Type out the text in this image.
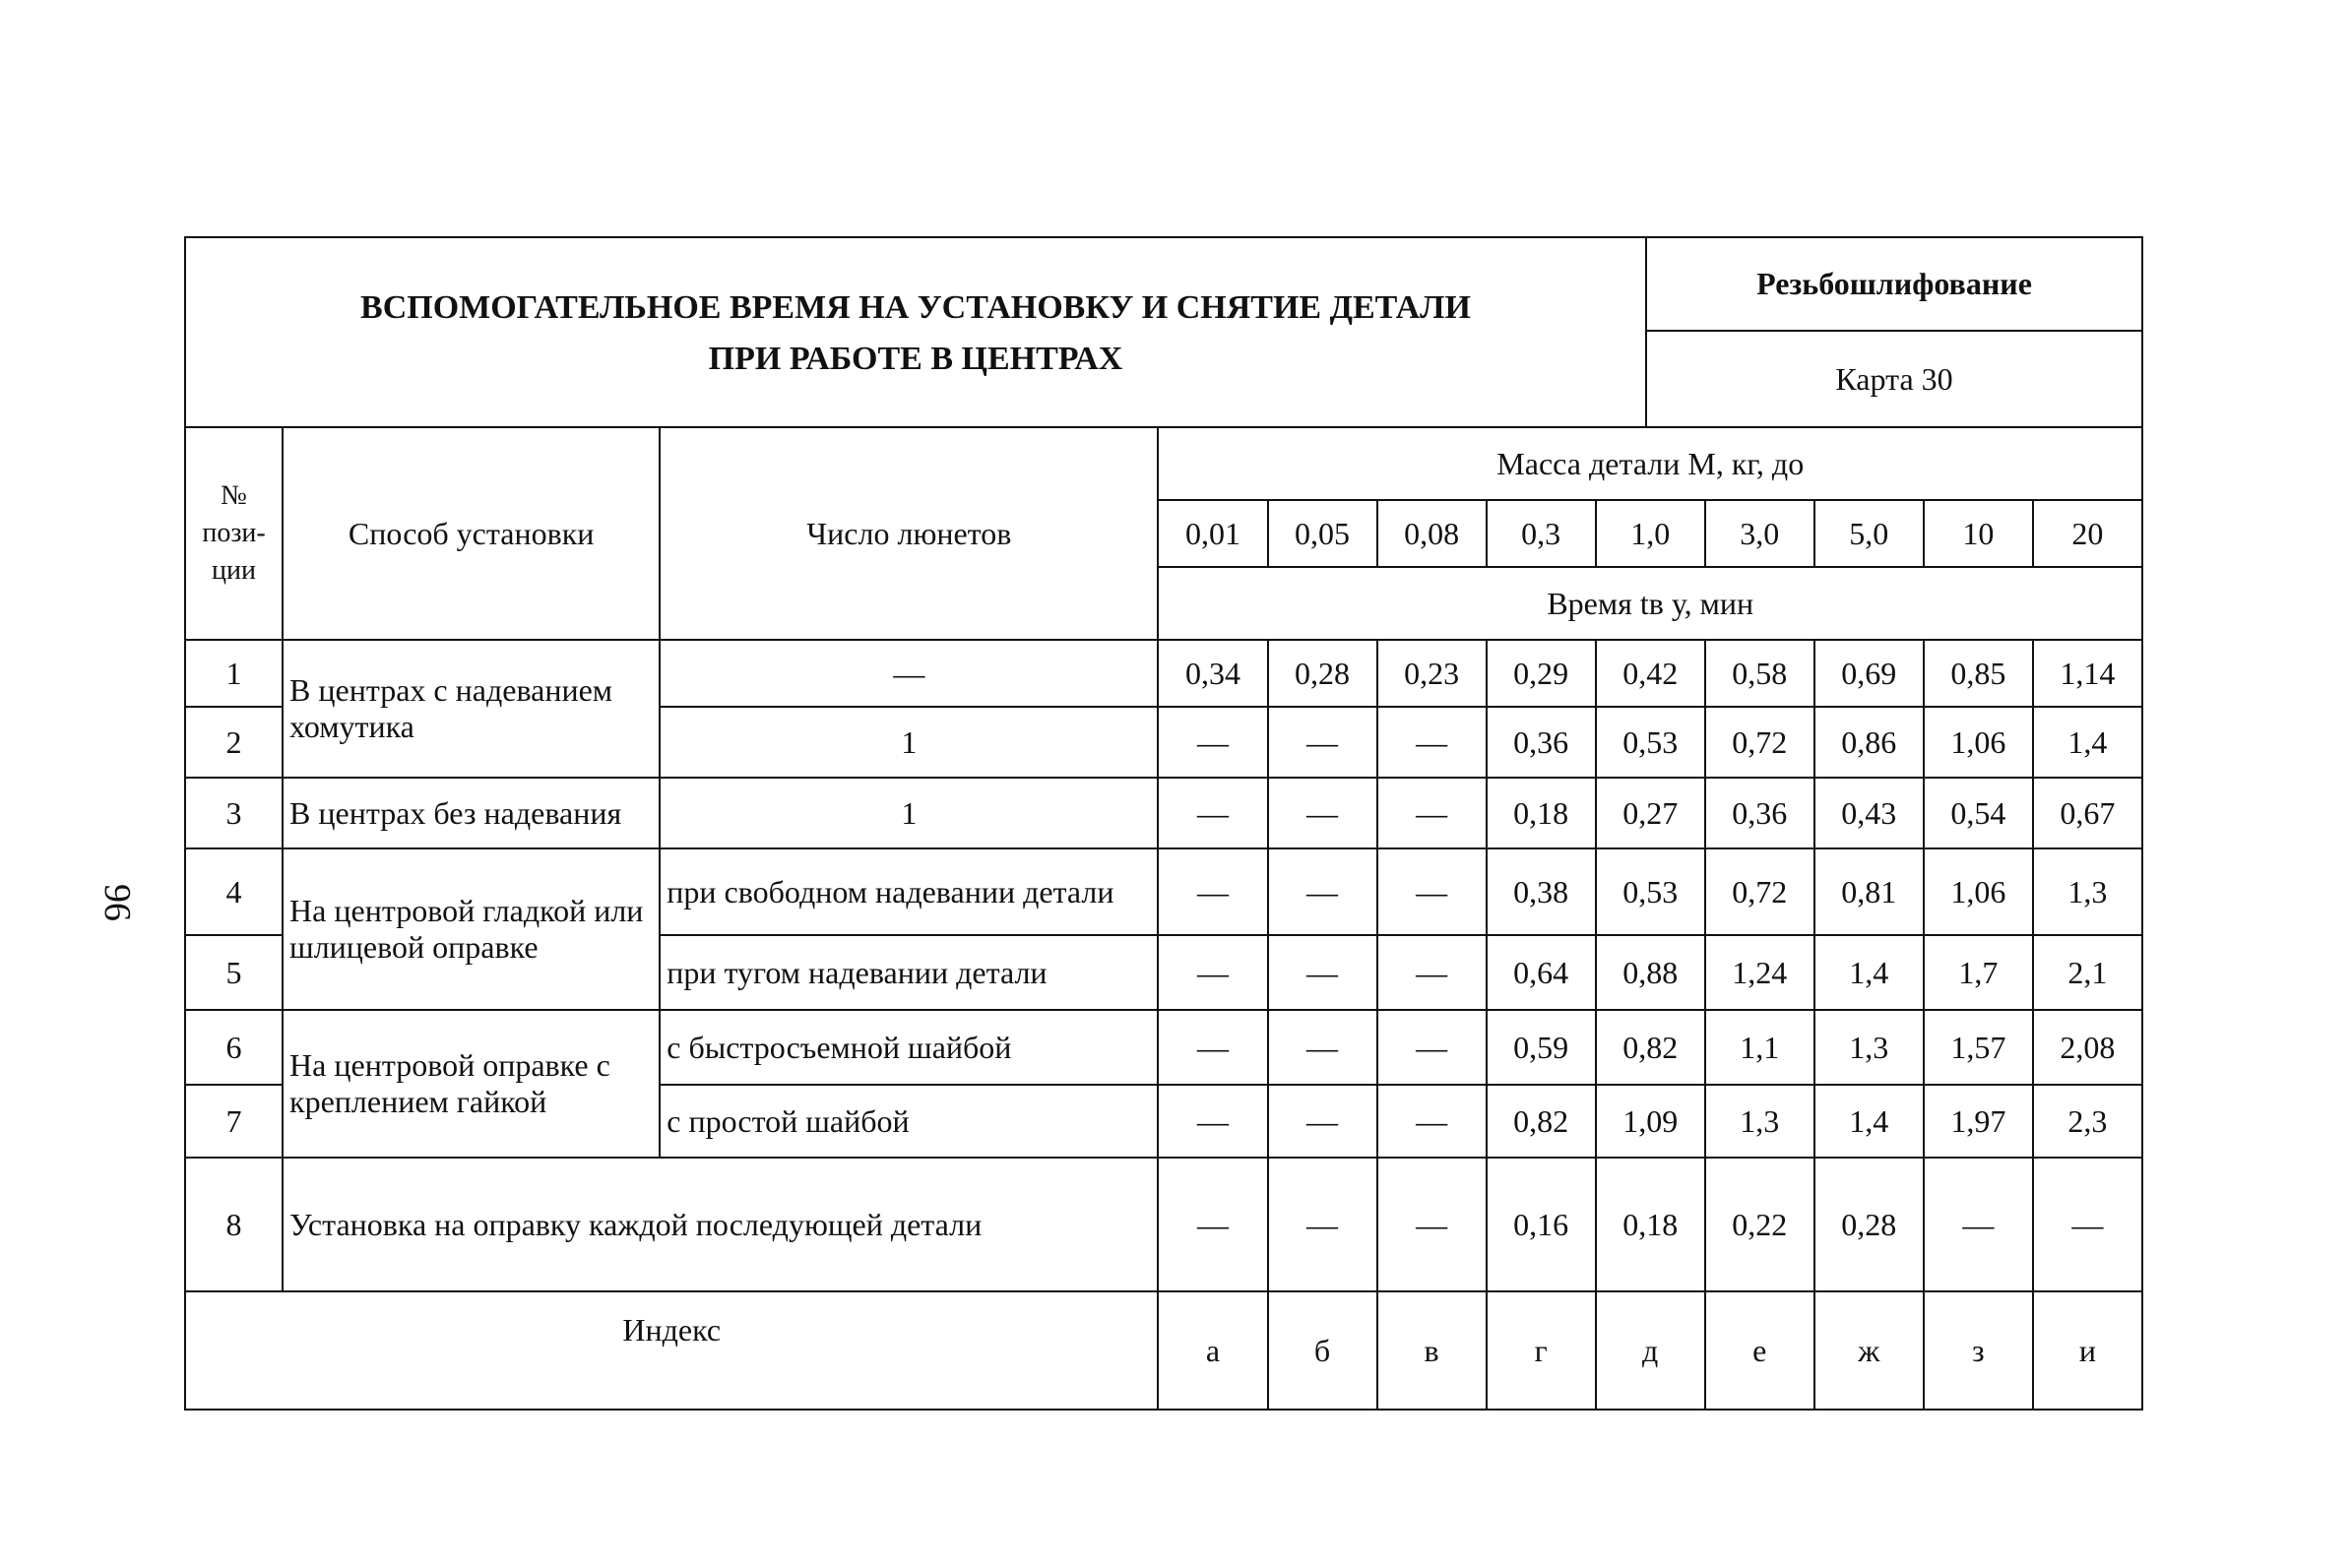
96
ВСПОМОГАТЕЛЬНОЕ ВРЕМЯ НА УСТАНОВКУ И СНЯТИЕ ДЕТАЛИ
ПРИ РАБОТЕ В ЦЕНТРАХ
	Резьбошлифование
Карта 30
№ пози-ции	Способ установки	Число люнетов	Масса детали М, кг, до								
			0,01	0,05	0,08	0,3	1,0	3,0	5,0	10	20
			Время tв у, мин								
1	В центрах с надеванием хомутика	—	0,34	0,28	0,23	0,29	0,42	0,58	0,69	0,85	1,14
2		1	—	—	—	0,36	0,53	0,72	0,86	1,06	1,4
3	В центрах без надевания	1	—	—	—	0,18	0,27	0,36	0,43	0,54	0,67
4	На центровой гладкой или шлицевой оправке	при свободном надевании детали	—	—	—	0,38	0,53	0,72	0,81	1,06	1,3
5		при тугом надевании детали	—	—	—	0,64	0,88	1,24	1,4	1,7	2,1
6	На центровой оправке с креплением гайкой	с быстросъемной шайбой	—	—	—	0,59	0,82	1,1	1,3	1,57	2,08
7		с простой шайбой	—	—	—	0,82	1,09	1,3	1,4	1,97	2,3
8	Установка на оправку каждой последующей детали		—	—	—	0,16	0,18	0,22	0,28	—	—
Индекс			а	б	в	г	д	е	ж	з	и
